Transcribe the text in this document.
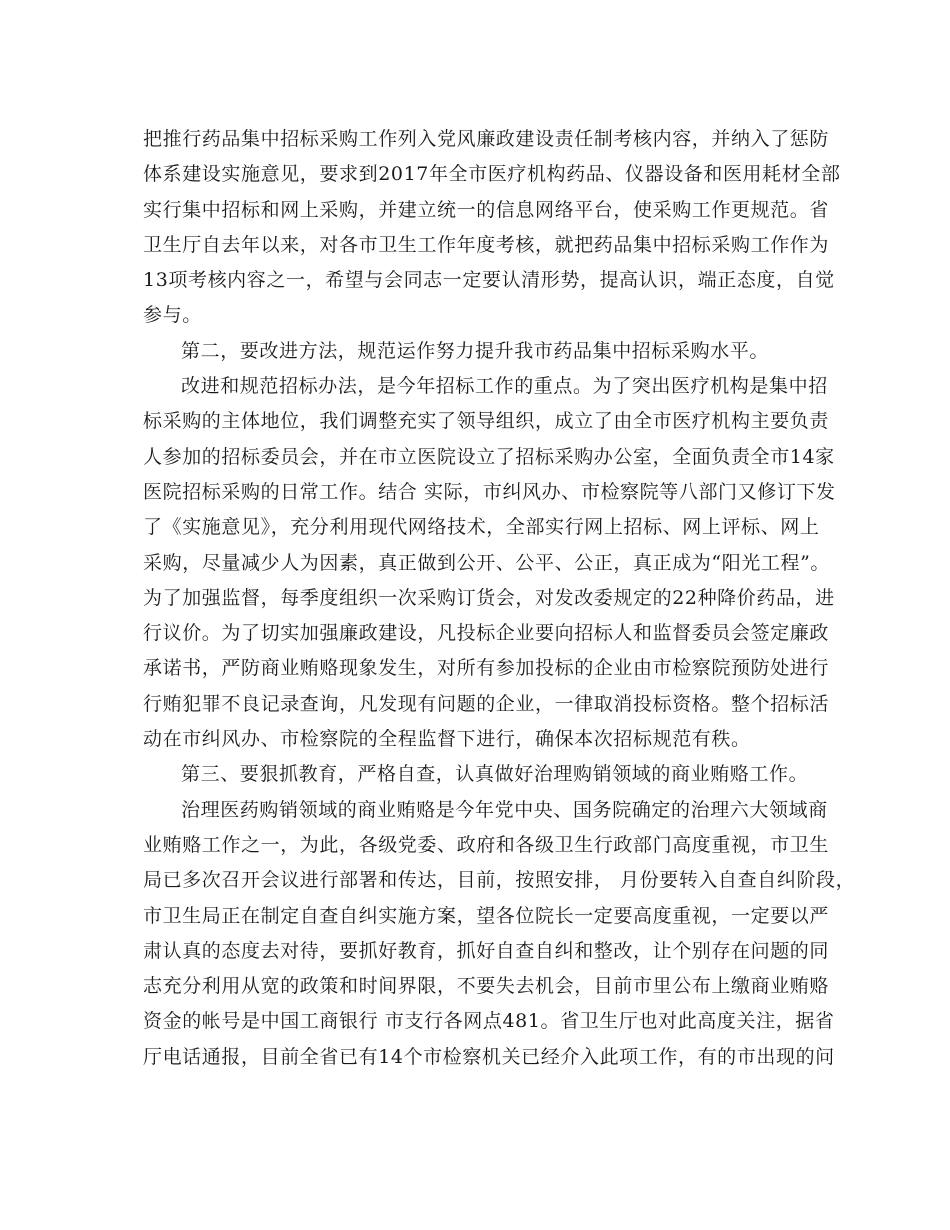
把推行药品集中招标采购工作列入党风廉政建设责任制考核内容，并纳入了惩防
体系建设实施意见，要求到2017年全市医疗机构药品、仪器设备和医用耗材全部
实行集中招标和网上采购，并建立统一的信息网络平台，使采购工作更规范。省
卫生厅自去年以来，对各市卫生工作年度考核，就把药品集中招标采购工作作为
13项考核内容之一，希望与会同志一定要认清形势，提高认识，端正态度，自觉
参与。
第二，要改进方法，规范运作努力提升我市药品集中招标采购水平。
改进和规范招标办法，是今年招标工作的重点。为了突出医疗机构是集中招
标采购的主体地位，我们调整充实了领导组织，成立了由全市医疗机构主要负责
人参加的招标委员会，并在市立医院设立了招标采购办公室，全面负责全市14家
医院招标采购的日常工作。结合 实际，市纠风办、市检察院等八部门又修订下发
了《实施意见》，充分利用现代网络技术，全部实行网上招标、网上评标、网上
采购，尽量减少人为因素，真正做到公开、公平、公正，真正成为“阳光工程”。
为了加强监督，每季度组织一次采购订货会，对发改委规定的22种降价药品，进
行议价。为了切实加强廉政建设，凡投标企业要向招标人和监督委员会签定廉政
承诺书，严防商业贿赂现象发生，对所有参加投标的企业由市检察院预防处进行
行贿犯罪不良记录查询，凡发现有问题的企业，一律取消投标资格。整个招标活
动在市纠风办、市检察院的全程监督下进行，确保本次招标规范有秩。
第三、要狠抓教育，严格自查，认真做好治理购销领域的商业贿赂工作。
治理医药购销领域的商业贿赂是今年党中央、国务院确定的治理六大领域商
业贿赂工作之一，为此，各级党委、政府和各级卫生行政部门高度重视，市卫生
局已多次召开会议进行部署和传达，目前，按照安排， 月份要转入自查自纠阶段，
市卫生局正在制定自查自纠实施方案，望各位院长一定要高度重视，一定要以严
肃认真的态度去对待，要抓好教育，抓好自查自纠和整改，让个别存在问题的同
志充分利用从宽的政策和时间界限，不要失去机会，目前市里公布上缴商业贿赂
资金的帐号是中国工商银行 市支行各网点481。省卫生厅也对此高度关注，据省
厅电话通报，目前全省已有14个市检察机关已经介入此项工作，有的市出现的问
